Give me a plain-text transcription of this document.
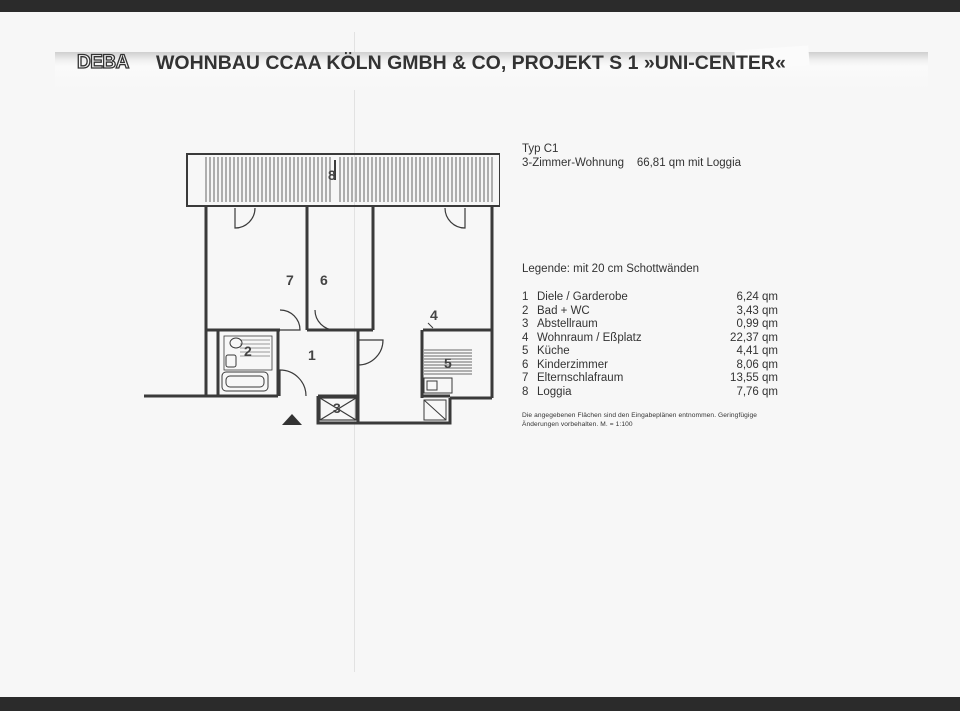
DEBA WOHNBAU CCAA KÖLN GMBH & CO, PROJEKT S 1 »UNI-CENTER«
8
7 6
4
1
2
5
3
Typ C1
3-Zimmer-Wohnung    66,81 qm mit Loggia
Legende: mit 20 cm Schottwänden
1 Diele / Garderobe	6,24 qm
2 Bad + WC	3,43 qm
3 Abstellraum	0,99 qm
4 Wohnraum / Eßplatz	22,37 qm
5 Küche	4,41 qm
6 Kinderzimmer	8,06 qm
7 Elternschlafraum	13,55 qm
8 Loggia	7,76 qm
Die angegebenen Flächen sind den Eingabeplänen entnommen. Geringfügige Änderungen vorbehalten. M. = 1:100
